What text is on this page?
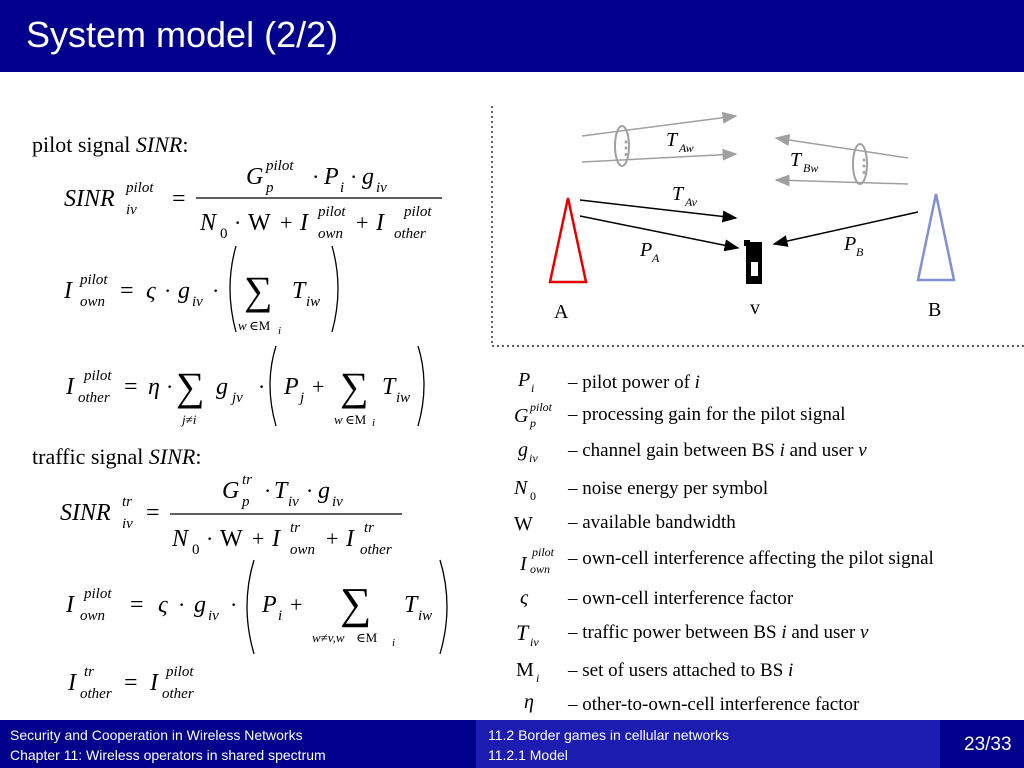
System model (2/2)
pilot signal SINR:
traffic signal SINR:
SINR pilot
iv =
G pilot
p · P i · g iv
N 0 · W + I pilot
own + I pilot
other
I pilot
own = ς · g iv · ∑
w ∈M i
T iw
I pilot
other = η · ∑
j≠i
g jv · P j + ∑
w ∈M i
T iw
SINR tr
iv =
G tr
p · T iv · g iv
N 0 · W + I tr
own + I tr
other
I pilot
own = ς · g iv · P i + ∑
w≠v,w ∈M i
T iw
I tr
other = I pilot
other
⋮
⋮
T Aw
T Bw
T Av
P A
P B
A	v	B
P i – pilot power of i
G pilot
p – processing gain for the pilot signal
g iv – channel gain between BS i and user v
N 0 – noise energy per symbol
W – available bandwidth
I
pilot
own – own-cell interference affecting the pilot signal
ς – own-cell interference factor
T iv – traffic power between BS i and user v
M i – set of users attached to BS i
η – other-to-own-cell interference factor
Security and Cooperation in Wireless Networks
Chapter 11: Wireless operators in shared spectrum
11.2 Border games in cellular networks
11.2.1 Model	23/33
